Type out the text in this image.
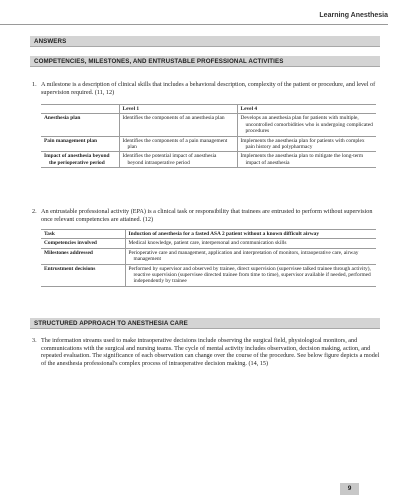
Learning Anesthesia
ANSWERS
COMPETENCIES, MILESTONES, AND ENTRUSTABLE PROFESSIONAL ACTIVITIES
1. A milestone is a description of clinical skills that includes a behavioral description, complexity of the patient or procedure, and level of supervision required. (11, 12)
	Level 1	Level 4
Anesthesia plan	Identifies the components of an anesthesia plan	Develops an anesthesia plan for patients with multiple, uncontrolled comorbidities who is undergoing complicated procedures

Pain management plan	Identifies the components of a pain management plan	Implements the anesthesia plan for patients with complex pain history and polypharmacy

Impact of anesthesia beyond the perioperative period	Identifies the potential impact of anesthesia beyond intraoperative period	Implements the anesthesia plan to mitigate the long-term impact of anesthesia
2. An entrustable professional activity (EPA) is a clinical task or responsibility that trainees are entrusted to perform without supervision once relevant competencies are attained. (12)
Task	Induction of anesthesia for a fasted ASA 2 patient without a known difficult airway
Competencies involved	Medical knowledge, patient care, interpersonal and communication skills

Milestones addressed	Perioperative care and management, application and interpretation of monitors, intraoperative care, airway management

Entrustment decisions	Performed by supervisor and observed by trainee, direct supervision (supervisee talked trainee through activity), reactive supervision (supervisee directed trainee from time to time), supervisor available if needed, performed independently by trainee
STRUCTURED APPROACH TO ANESTHESIA CARE
3. The information streams used to make intraoperative decisions include observing the surgical field, physiological monitors, and communications with the surgical and nursing teams. The cycle of mental activity includes observation, decision making, action, and repeated evaluation. The significance of each observation can change over the course of the procedure. See below figure depicts a model of the anesthesia professional's complex process of intraoperative decision making. (14, 15)
9
